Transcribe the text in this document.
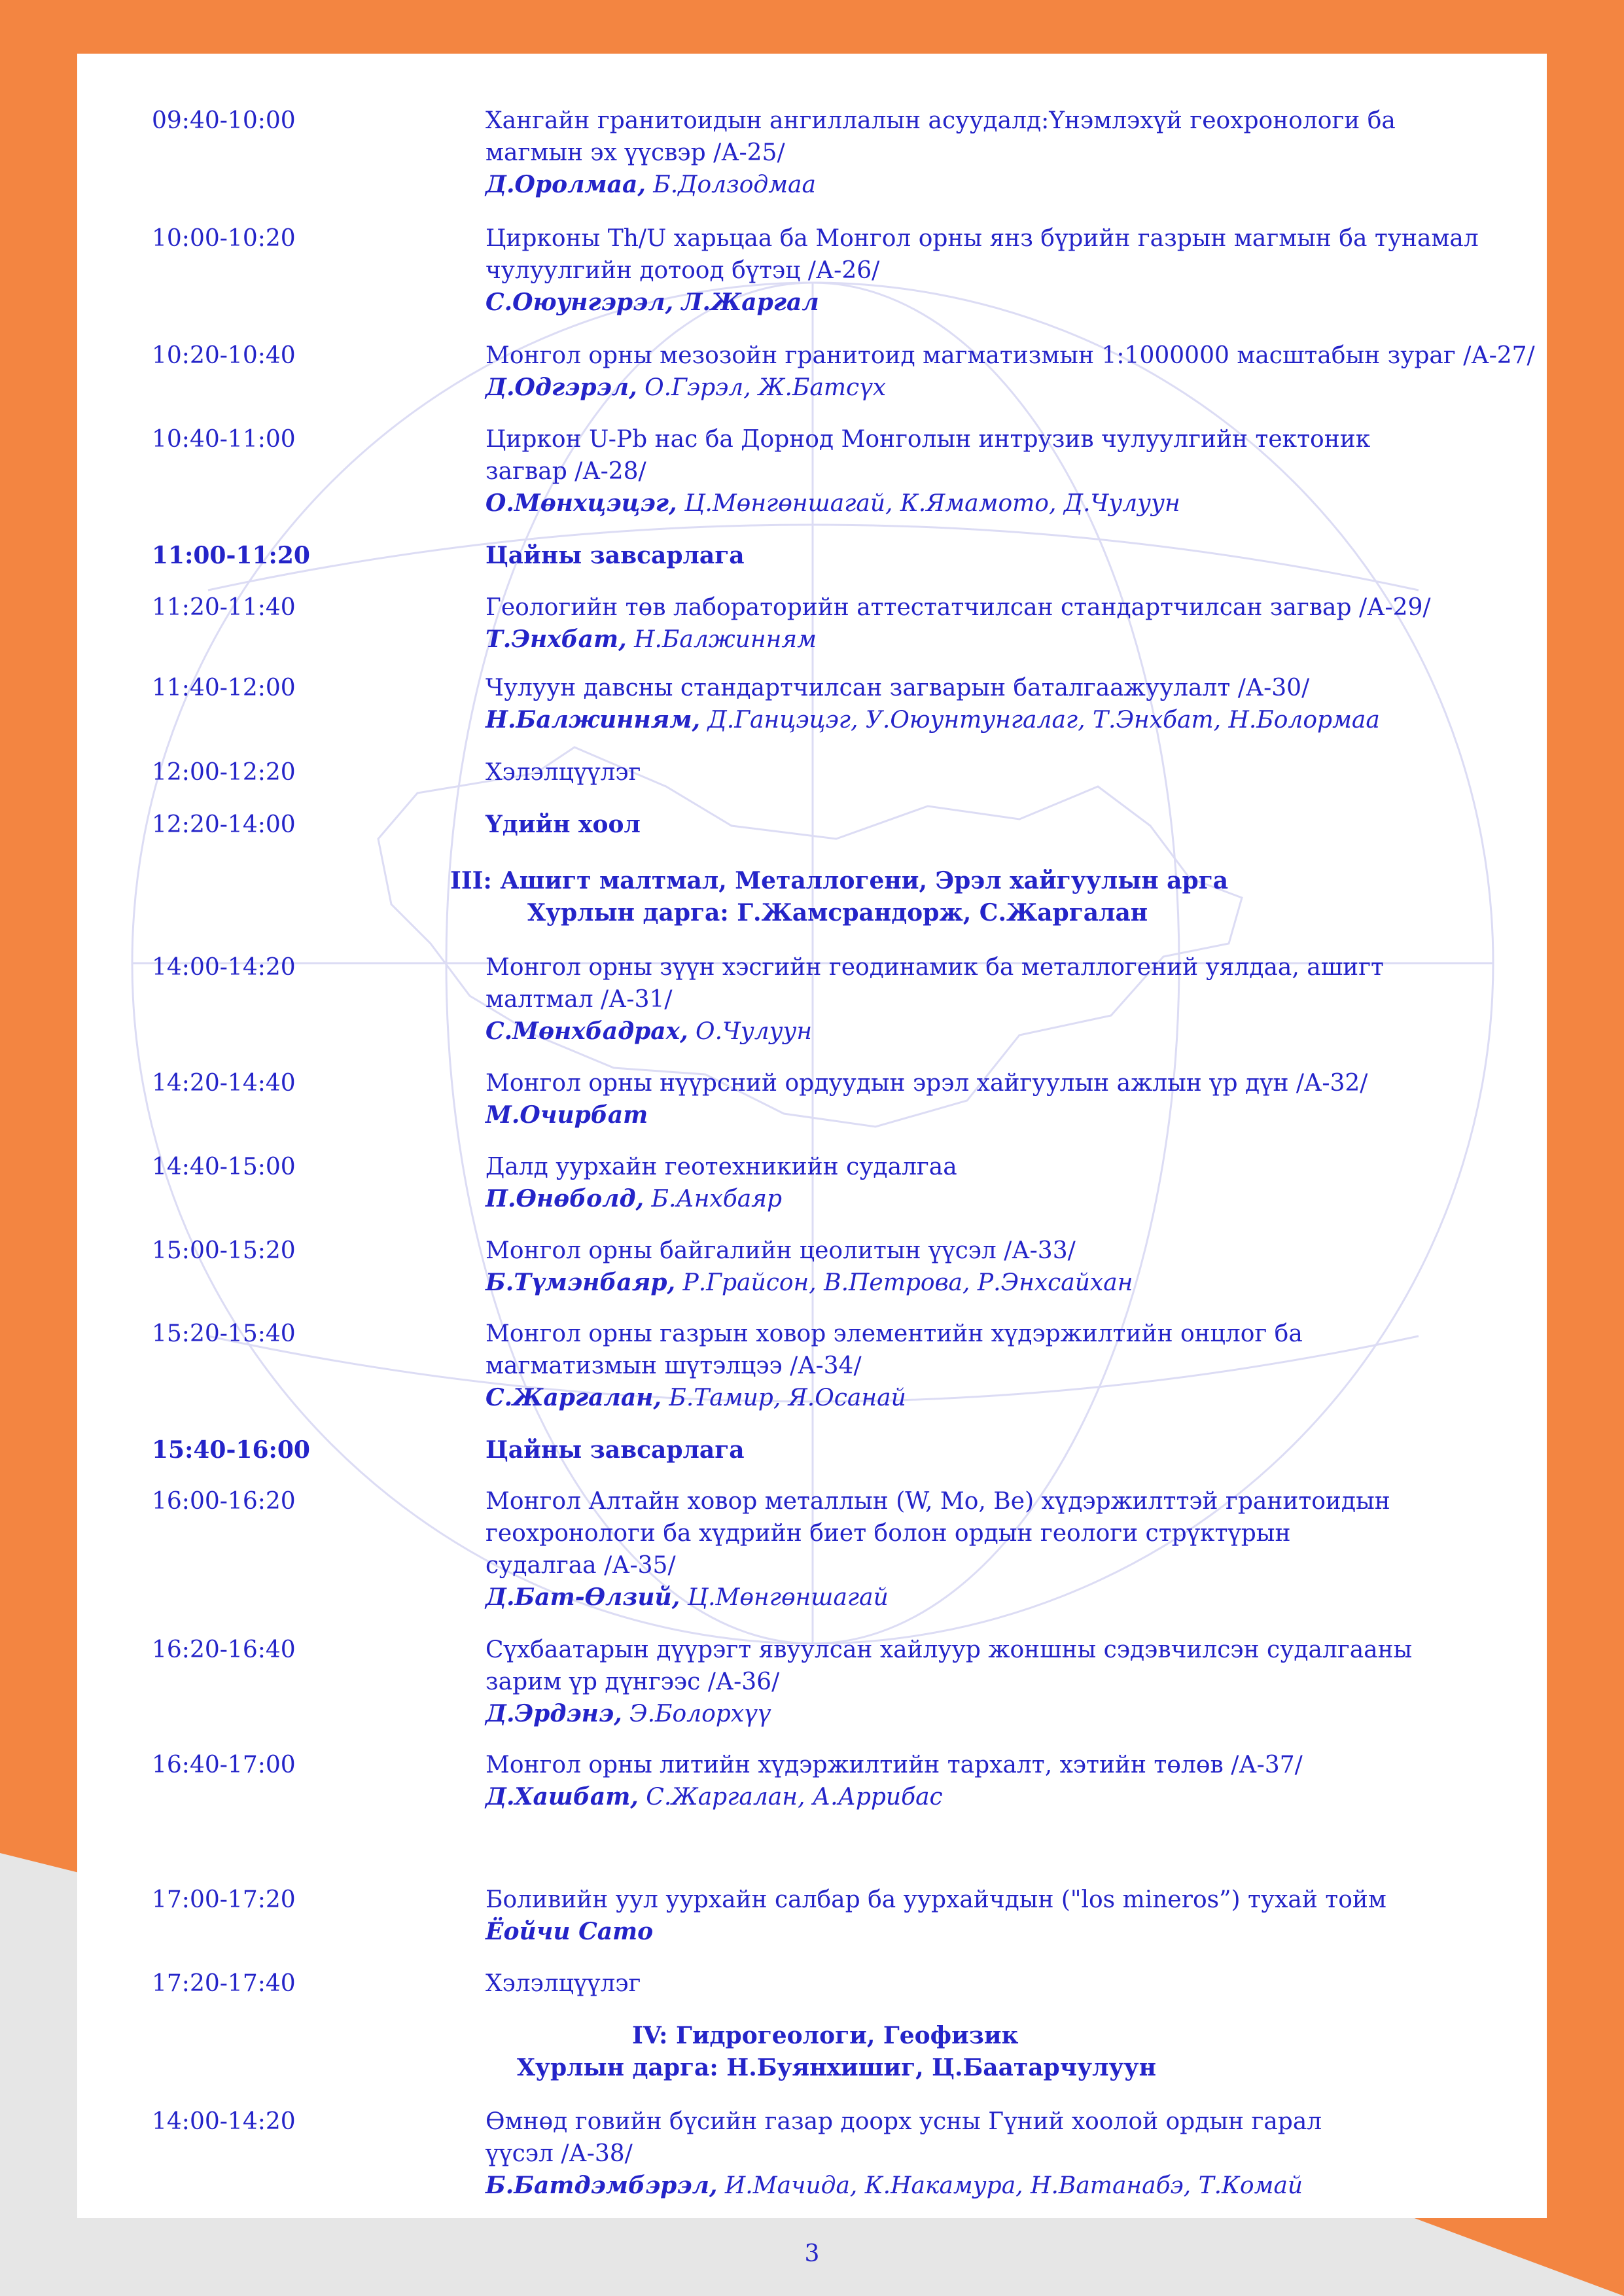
09:40-10:00	Хангайн гранитоидын ангиллалын асуудалд:Үнэмлэхүй геохронологи ба
магмын эх үүсвэр /А-25/
Д.Оролмаа, Б.Долзодмаа
10:00-10:20	Цирконы Th/U харьцаа ба Монгол орны янз бүрийн газрын магмын ба тунамал
чулуулгийн дотоод бүтэц /А-26/
С.Оюунгэрэл, Л.Жаргал
10:20-10:40	Монгол орны мезозойн гранитоид магматизмын 1:1000000 масштабын зураг /А-27/
Д.Одгэрэл, О.Гэрэл, Ж.Батсүх
10:40-11:00	Циркон U-Pb нас ба Дорнод Монголын интрузив чулуулгийн тектоник
загвар /А-28/
О.Мөнхцэцэг, Ц.Мөнгөншагай, К.Ямамото, Д.Чулуун
11:00-11:20	Цайны завсарлага
11:20-11:40	Геологийн төв лабораторийн аттестатчилсан стандартчилсан загвар /А-29/
Т.Энхбат, Н.Балжинням
11:40-12:00	Чулуун давсны стандартчилсан загварын баталгаажуулалт /А-30/
Н.Балжинням, Д.Ганцэцэг, У.Оюунтунгалаг, Т.Энхбат, Н.Болормаа
12:00-12:20	Хэлэлцүүлэг
12:20-14:00	Үдийн хоол
III: Ашигт малтмал, Металлогени, Эрэл хайгуулын арга
Хурлын дарга: Г.Жамсрандорж, С.Жаргалан
14:00-14:20	Монгол орны зүүн хэсгийн геодинамик ба металлогений уялдаа, ашигт
малтмал /А-31/
С.Мөнхбадрах, О.Чулуун
14:20-14:40	Монгол орны нүүрсний ордуудын эрэл хайгуулын ажлын үр дүн /А-32/
М.Очирбат
14:40-15:00	Далд уурхайн геотехникийн судалгаа
П.Өнөболд, Б.Анхбаяр
15:00-15:20	Монгол орны байгалийн цеолитын үүсэл /А-33/
Б.Түмэнбаяр, Р.Грайсон, В.Петрова, Р.Энхсайхан
15:20-15:40	Монгол орны газрын ховор элементийн хүдэржилтийн онцлог ба
магматизмын шүтэлцээ /А-34/
С.Жаргалан, Б.Тамир, Я.Осанай
15:40-16:00	Цайны завсарлага
16:00-16:20	Монгол Алтайн ховор металлын (W, Mo, Be) хүдэржилттэй гранитоидын
геохронологи ба хүдрийн биет болон ордын геологи стрүктүрын
судалгаа /А-35/
Д.Бат-Өлзий, Ц.Мөнгөншагай
16:20-16:40	Сүхбаатарын дүүрэгт явуулсан хайлуур жоншны сэдэвчилсэн судалгааны
зарим үр дүнгээс /А-36/
Д.Эрдэнэ, Э.Болорхүү
16:40-17:00	Монгол орны литийн хүдэржилтийн тархалт, хэтийн төлөв /А-37/
Д.Хашбат, С.Жаргалан, А.Аррибас
17:00-17:20	Боливийн уул уурхайн салбар ба уурхайчдын ("los mineros”) тухай тойм
Ёойчи Сато
17:20-17:40	Хэлэлцүүлэг
IV: Гидрогеологи, Геофизик
Хурлын дарга: Н.Буянхишиг, Ц.Баатарчулуун
14:00-14:20	Өмнөд говийн бүсийн газар доорх усны Гүний хоолой ордын гарал
үүсэл /А-38/
Б.Батдэмбэрэл, И.Мачида, К.Накамура, Н.Ватанабэ, Т.Комай
3
